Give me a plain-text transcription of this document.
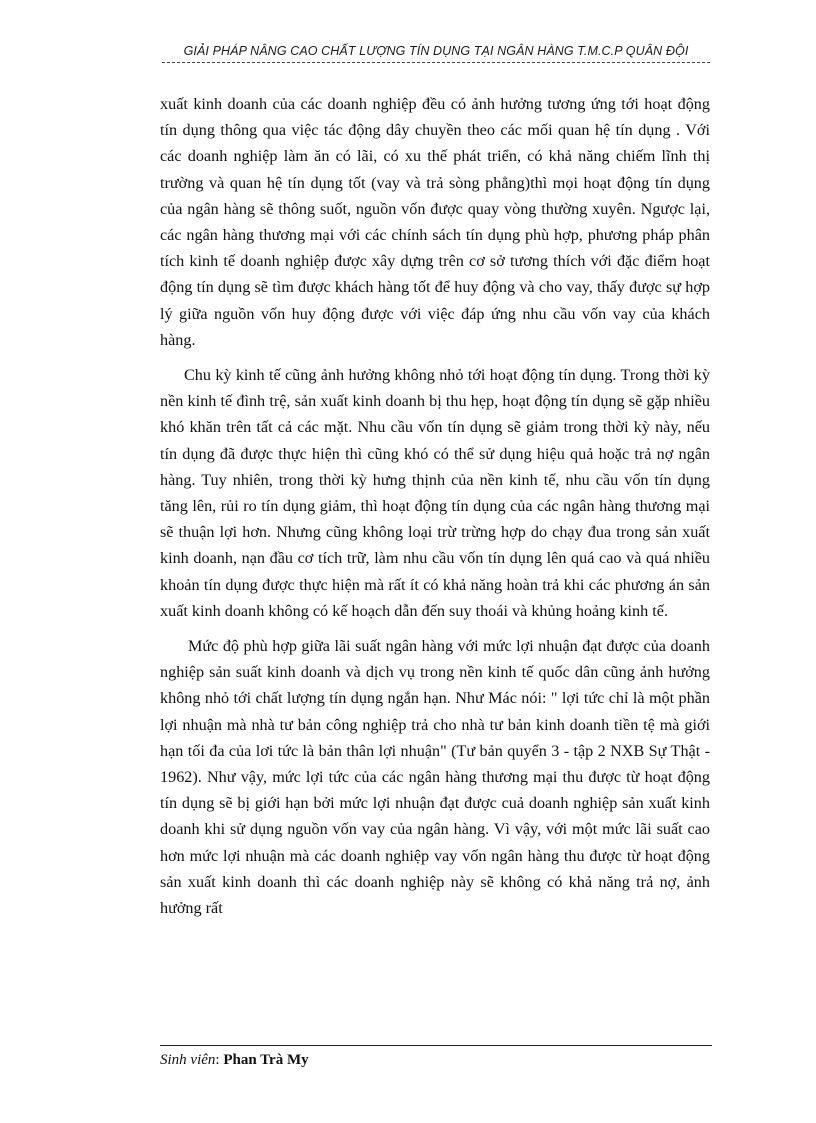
GIẢI PHÁP NÂNG CAO CHẤT LƯỢNG TÍN DỤNG TẠI NGÂN HÀNG T.M.C.P QUÂN ĐỘI

xuất kinh doanh của các doanh nghiệp đều có ảnh hưởng tương ứng tới hoạt động tín dụng thông qua việc tác động dây chuyền theo các mối quan hệ tín dụng . Với các doanh nghiệp làm ăn có lãi, có xu thế phát triển, có khả năng chiếm lĩnh thị trường và quan hệ tín dụng tốt (vay và trả sòng phẳng)thì mọi hoạt động tín dụng của ngân hàng sẽ thông suốt, nguồn vốn được quay vòng thường xuyên. Ngược lại, các ngân hàng thương mại với các chính sách tín dụng phù hợp, phương pháp phân tích kinh tế doanh nghiệp được xây dựng trên cơ sở tương thích với đặc điểm hoạt động tín dụng sẽ tìm được khách hàng tốt để huy động và cho vay, thấy được sự hợp lý giữa nguồn vốn huy động được với việc đáp ứng nhu cầu vốn vay của khách hàng.

Chu kỳ kinh tế cũng ảnh hưởng không nhỏ tới hoạt động tín dụng. Trong thời kỳ nền kinh tế đình trệ, sản xuất kinh doanh bị thu hẹp, hoạt động tín dụng sẽ gặp nhiều khó khăn trên tất cả các mặt. Nhu cầu vốn tín dụng sẽ giảm trong thời kỳ này, nếu tín dụng đã được thực hiện thì cũng khó có thể sử dụng hiệu quả hoặc trả nợ ngân hàng. Tuy nhiên, trong thời kỳ hưng thịnh của nền kinh tế, nhu cầu vốn tín dụng tăng lên, rủi ro tín dụng giảm, thì hoạt động tín dụng của các ngân hàng thương mại sẽ thuận lợi hơn. Nhưng cũng không loại trừ trừng hợp do chạy đua trong sản xuất kinh doanh, nạn đầu cơ tích trữ, làm nhu cầu vốn tín dụng lên quá cao và quá nhiều khoản tín dụng được thực hiện mà rất ít có khả năng hoàn trả khi các phương án sản xuất kinh doanh không có kế hoạch dẫn đến suy thoái và khủng hoảng kinh tế.

Mức độ phù hợp giữa lãi suất ngân hàng với mức lợi nhuận đạt được của doanh nghiệp sản suất kinh doanh và dịch vụ trong nền kinh tế quốc dân cũng ảnh hưởng không nhỏ tới chất lượng tín dụng ngắn hạn. Như Mác nói: " lợi tức chỉ là một phần lợi nhuận mà nhà tư bản công nghiệp trả cho nhà tư bản kinh doanh tiền tệ mà giới hạn tối đa của lơi tức là bản thân lợi nhuận" (Tư bản quyển 3 - tập 2 NXB Sự Thật - 1962). Như vậy, mức lợi tức của các ngân hàng thương mại thu được từ hoạt động tín dụng sẽ bị giới hạn bởi mức lợi nhuận đạt được cuả doanh nghiệp sản xuất kinh doanh khi sử dụng nguồn vốn vay của ngân hàng. Vì vậy, với một mức lãi suất cao hơn mức lợi nhuận mà các doanh nghiệp vay vốn ngân hàng thu được từ hoạt động sản xuất kinh doanh thì các doanh nghiệp này sẽ không có khả năng trả nợ, ảnh hưởng rất

Sinh viên: Phan Trà My
